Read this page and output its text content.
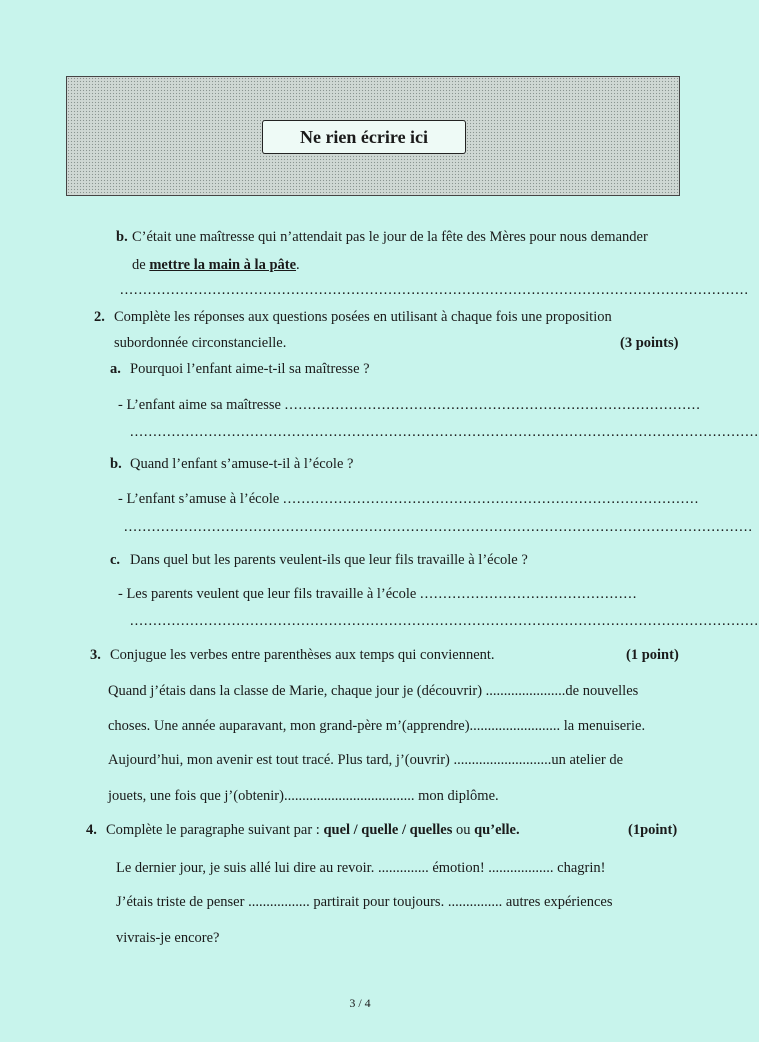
Ne rien écrire ici
b. C’était une maîtresse qui n’attendait pas le jour de la fête des Mères pour nous demander
de mettre la main à la pâte.
........................................................................................................................................
2. Complète les réponses aux questions posées en utilisant à chaque fois une proposition
subordonnée circonstancielle.	(3 points)
a. Pourquoi l’enfant aime-t-il sa maîtresse ?
- L’enfant aime sa maîtresse ..........................................................................................
........................................................................................................................................
b. Quand l’enfant s’amuse-t-il à l’école ?
- L’enfant s’amuse à l’école ..........................................................................................
........................................................................................................................................
c. Dans quel but les parents veulent-ils que leur fils travaille à l’école ?
- Les parents veulent que leur fils travaille à l’école ...............................................
........................................................................................................................................
3. Conjugue les verbes entre parenthèses aux temps qui conviennent.	(1 point)
Quand j’étais dans la classe de Marie, chaque jour je (découvrir) ......................de nouvelles
choses. Une année auparavant, mon grand-père m’(apprendre)......................... la menuiserie.
Aujourd’hui, mon avenir est tout tracé. Plus tard, j’(ouvrir) ...........................un atelier de
jouets, une fois que j’(obtenir).................................... mon diplôme.
4. Complète le paragraphe suivant par : quel / quelle / quelles ou qu’elle.	(1point)
Le dernier jour, je suis allé lui dire au revoir. .............. émotion! .................. chagrin!
J’étais triste de penser ................. partirait pour toujours. ............... autres expériences
vivrais-je encore?
3 / 4
